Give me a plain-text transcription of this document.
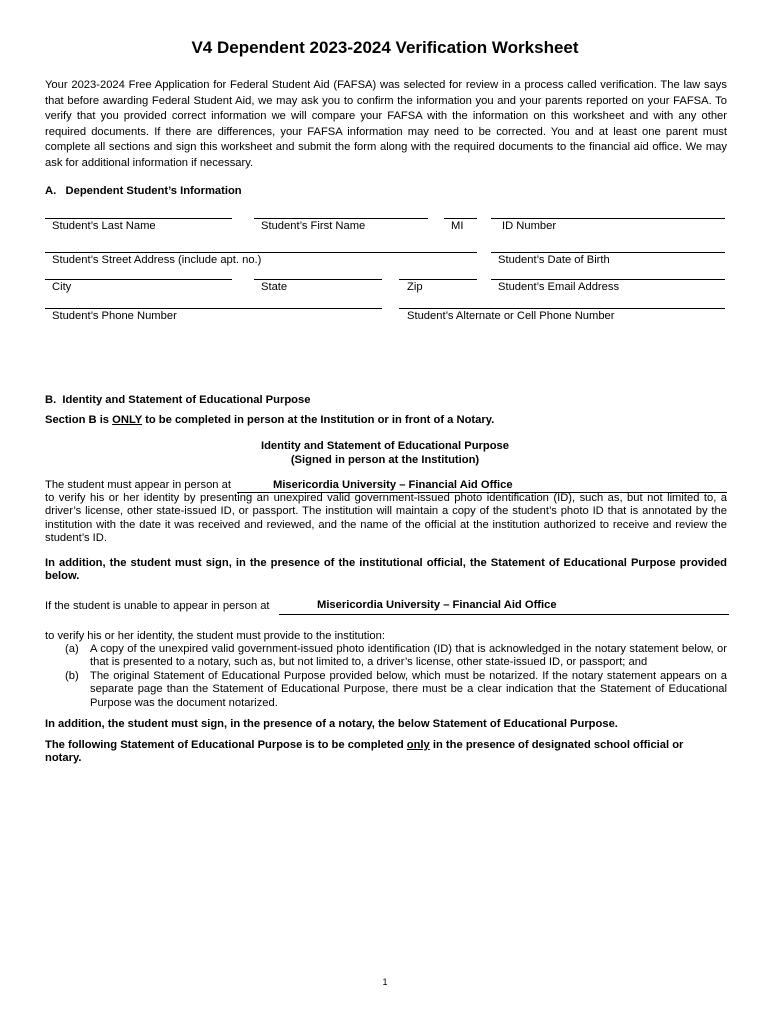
V4 Dependent 2023-2024 Verification Worksheet
Your 2023-2024 Free Application for Federal Student Aid (FAFSA) was selected for review in a process called verification. The law says that before awarding Federal Student Aid, we may ask you to confirm the information you and your parents reported on your FAFSA. To verify that you provided correct information we will compare your FAFSA with the information on this worksheet and with any other required documents. If there are differences, your FAFSA information may need to be corrected. You and at least one parent must complete all sections and sign this worksheet and submit the form along with the required documents to the financial aid office. We may ask for additional information if necessary.
A.   Dependent Student’s Information
Student’s Last Name	Student’s First Name	MI	ID Number
Student’s Street Address (include apt. no.)	Student’s Date of Birth
City	State	Zip	Student’s Email Address
Student’s Phone Number	Student’s Alternate or Cell Phone Number
B.  Identity and Statement of Educational Purpose
Section B is ONLY to be completed in person at the Institution or in front of a Notary.
Identity and Statement of Educational Purpose
(Signed in person at the Institution)
The student must appear in person at	Misericordia University – Financial Aid Office
to verify his or her identity by presenting an unexpired valid government-issued photo identification (ID), such as, but not limited to, a driver’s license, other state-issued ID, or passport. The institution will maintain a copy of the student’s photo ID that is annotated by the institution with the date it was received and reviewed, and the name of the official at the institution authorized to receive and review the student’s ID.
In addition, the student must sign, in the presence of the institutional official, the Statement of Educational Purpose provided below.
If the student is unable to appear in person at	Misericordia University – Financial Aid Office
to verify his or her identity, the student must provide to the institution:
(a) A copy of the unexpired valid government-issued photo identification (ID) that is acknowledged in the notary statement below, or that is presented to a notary, such as, but not limited to, a driver’s license, other state-issued ID, or passport; and
(b) The original Statement of Educational Purpose provided below, which must be notarized. If the notary statement appears on a separate page than the Statement of Educational Purpose, there must be a clear indication that the Statement of Educational Purpose was the document notarized.
In addition, the student must sign, in the presence of a notary, the below Statement of Educational Purpose.
The following Statement of Educational Purpose is to be completed only in the presence of designated school official or notary.
1
